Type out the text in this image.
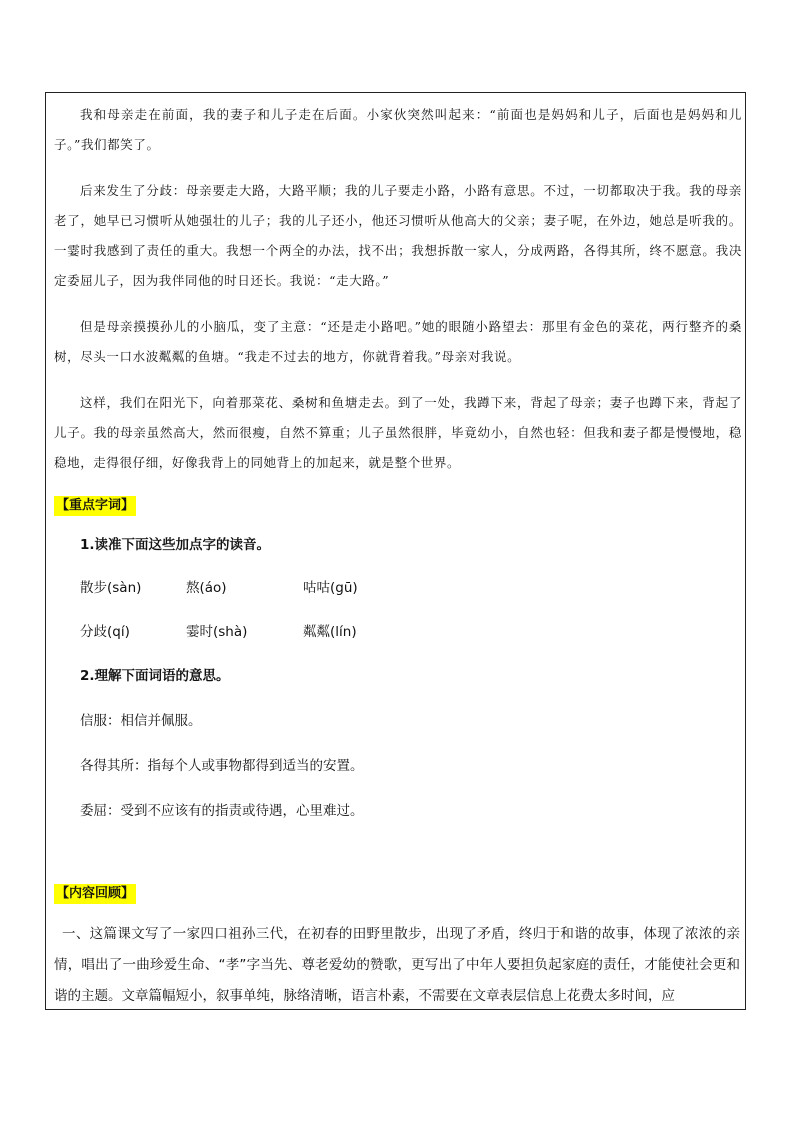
我和母亲走在前面，我的妻子和儿子走在后面。小家伙突然叫起来：“前面也是妈妈和儿子，后面也是妈妈和儿子。”我们都笑了。

后来发生了分歧：母亲要走大路，大路平顺；我的儿子要走小路，小路有意思。不过，一切都取决于我。我的母亲老了，她早已习惯听从她强壮的儿子；我的儿子还小，他还习惯听从他高大的父亲；妻子呢，在外边，她总是听我的。一霎时我感到了责任的重大。我想一个两全的办法，找不出；我想拆散一家人，分成两路，各得其所，终不愿意。我决定委屈儿子，因为我伴同他的时日还长。我说：“走大路。”

但是母亲摸摸孙儿的小脑瓜，变了主意：“还是走小路吧。”她的眼随小路望去：那里有金色的菜花，两行整齐的桑树，尽头一口水波粼粼的鱼塘。“我走不过去的地方，你就背着我。”母亲对我说。

这样，我们在阳光下，向着那菜花、桑树和鱼塘走去。到了一处，我蹲下来，背起了母亲；妻子也蹲下来，背起了儿子。我的母亲虽然高大，然而很瘦，自然不算重；儿子虽然很胖，毕竟幼小，自然也轻：但我和妻子都是慢慢地，稳稳地，走得很仔细，好像我背上的同她背上的加起来，就是整个世界。

【重点字词】
1.读准下面这些加点字的读音。
散步(sàn)	熬(áo)	咕咕(gū)
分歧(qí)	霎时(shà)	粼粼(lín)
2.理解下面词语的意思。
信服：相信并佩服。
各得其所：指每个人或事物都得到适当的安置。
委屈：受到不应该有的指责或待遇，心里难过。
【内容回顾】

一、这篇课文写了一家四口祖孙三代，在初春的田野里散步，出现了矛盾，终归于和谐的故事，体现了浓浓的亲情，唱出了一曲珍爱生命、“孝”字当先、尊老爱幼的赞歌，更写出了中年人要担负起家庭的责任，才能使社会更和谐的主题。文章篇幅短小，叙事单纯，脉络清晰，语言朴素，不需要在文章表层信息上花费太多时间，应
